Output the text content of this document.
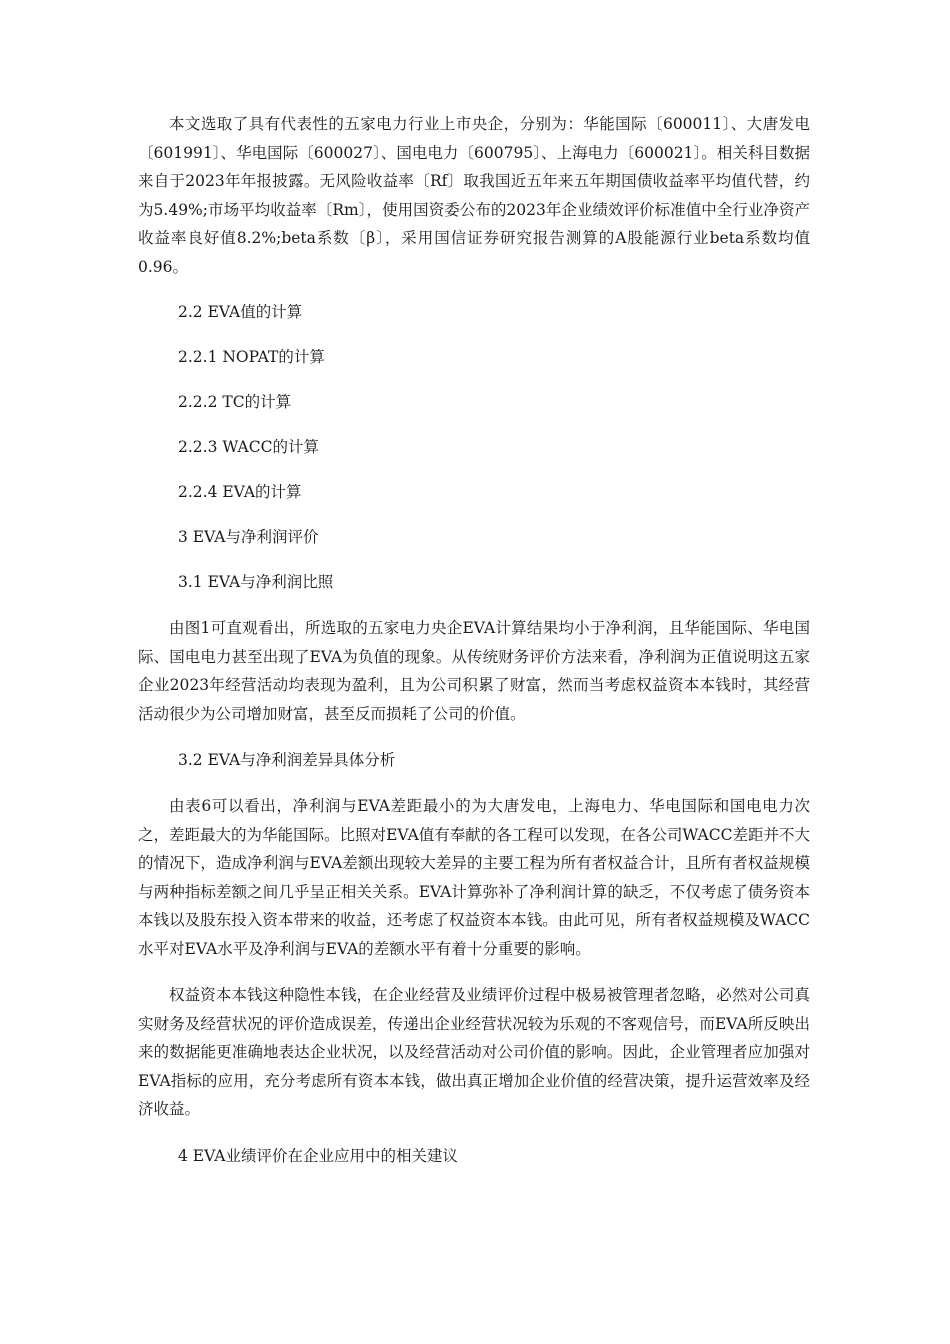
本文选取了具有代表性的五家电力行业上市央企，分别为：华能国际〔600011〕、大唐发电〔601991〕、华电国际〔600027〕、国电电力〔600795〕、上海电力〔600021〕。相关科目数据来自于2023年年报披露。无风险收益率〔Rf〕取我国近五年来五年期国债收益率平均值代替，约为5.49%;市场平均收益率〔Rm〕，使用国资委公布的2023年企业绩效评价标准值中全行业净资产收益率良好值8.2%;beta系数〔β〕，采用国信证券研究报告测算的A股能源行业beta系数均值0.96。

2.2 EVA值的计算

2.2.1 NOPAT的计算

2.2.2 TC的计算

2.2.3 WACC的计算

2.2.4 EVA的计算

3 EVA与净利润评价

3.1 EVA与净利润比照

由图1可直观看出，所选取的五家电力央企EVA计算结果均小于净利润，且华能国际、华电国际、国电电力甚至出现了EVA为负值的现象。从传统财务评价方法来看，净利润为正值说明这五家企业2023年经营活动均表现为盈利，且为公司积累了财富，然而当考虑权益资本本钱时，其经营活动很少为公司增加财富，甚至反而损耗了公司的价值。

3.2 EVA与净利润差异具体分析

由表6可以看出，净利润与EVA差距最小的为大唐发电，上海电力、华电国际和国电电力次之，差距最大的为华能国际。比照对EVA值有奉献的各工程可以发现，在各公司WACC差距并不大的情况下，造成净利润与EVA差额出现较大差异的主要工程为所有者权益合计，且所有者权益规模与两种指标差额之间几乎呈正相关关系。EVA计算弥补了净利润计算的缺乏，不仅考虑了债务资本本钱以及股东投入资本带来的收益，还考虑了权益资本本钱。由此可见，所有者权益规模及WACC水平对EVA水平及净利润与EVA的差额水平有着十分重要的影响。

权益资本本钱这种隐性本钱，在企业经营及业绩评价过程中极易被管理者忽略，必然对公司真实财务及经营状况的评价造成误差，传递出企业经营状况较为乐观的不客观信号，而EVA所反映出来的数据能更准确地表达企业状况，以及经营活动对公司价值的影响。因此，企业管理者应加强对EVA指标的应用，充分考虑所有资本本钱，做出真正增加企业价值的经营决策，提升运营效率及经济收益。

4 EVA业绩评价在企业应用中的相关建议
